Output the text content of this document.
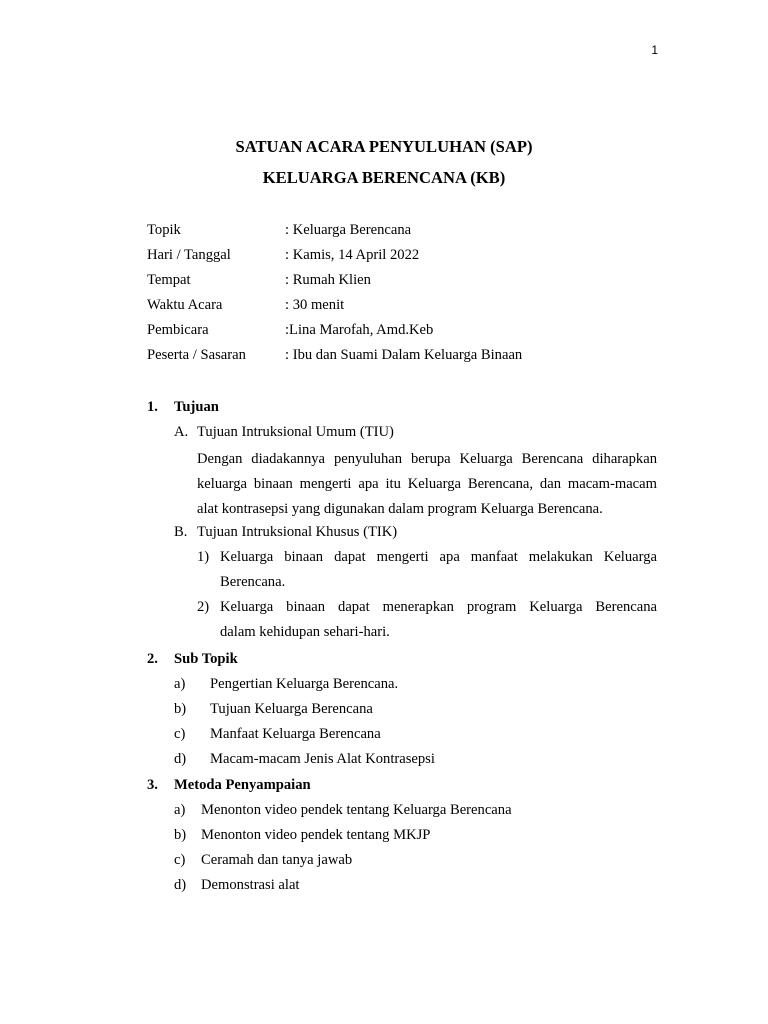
1

SATUAN ACARA PENYULUHAN (SAP)

KELUARGA BERENCANA (KB)

Topik	: Keluarga Berencana
Hari / Tanggal	: Kamis, 14 April 2022
Tempat	: Rumah Klien
Waktu Acara	: 30 menit
Pembicara	:Lina Marofah, Amd.Keb
Peserta / Sasaran	: Ibu dan Suami Dalam Keluarga Binaan
1.	Tujuan
A. Tujuan Intruksional Umum (TIU)
Dengan diadakannya penyuluhan berupa Keluarga Berencana diharapkan
keluarga binaan mengerti apa itu Keluarga Berencana, dan macam-macam
alat kontrasepsi yang digunakan dalam program Keluarga Berencana.
B. Tujuan Intruksional Khusus (TIK)
1) Keluarga binaan dapat mengerti apa manfaat melakukan Keluarga
Berencana.
2) Keluarga binaan dapat menerapkan program Keluarga Berencana
dalam kehidupan sehari-hari.
2.	Sub Topik
a)	Pengertian Keluarga Berencana.
b)	Tujuan Keluarga Berencana
c)	Manfaat Keluarga Berencana
d)	Macam-macam Jenis Alat Kontrasepsi
3.	Metoda Penyampaian
a)	Menonton video pendek tentang Keluarga Berencana
b)	Menonton video pendek tentang MKJP
c)	Ceramah dan tanya jawab
d)	Demonstrasi alat
